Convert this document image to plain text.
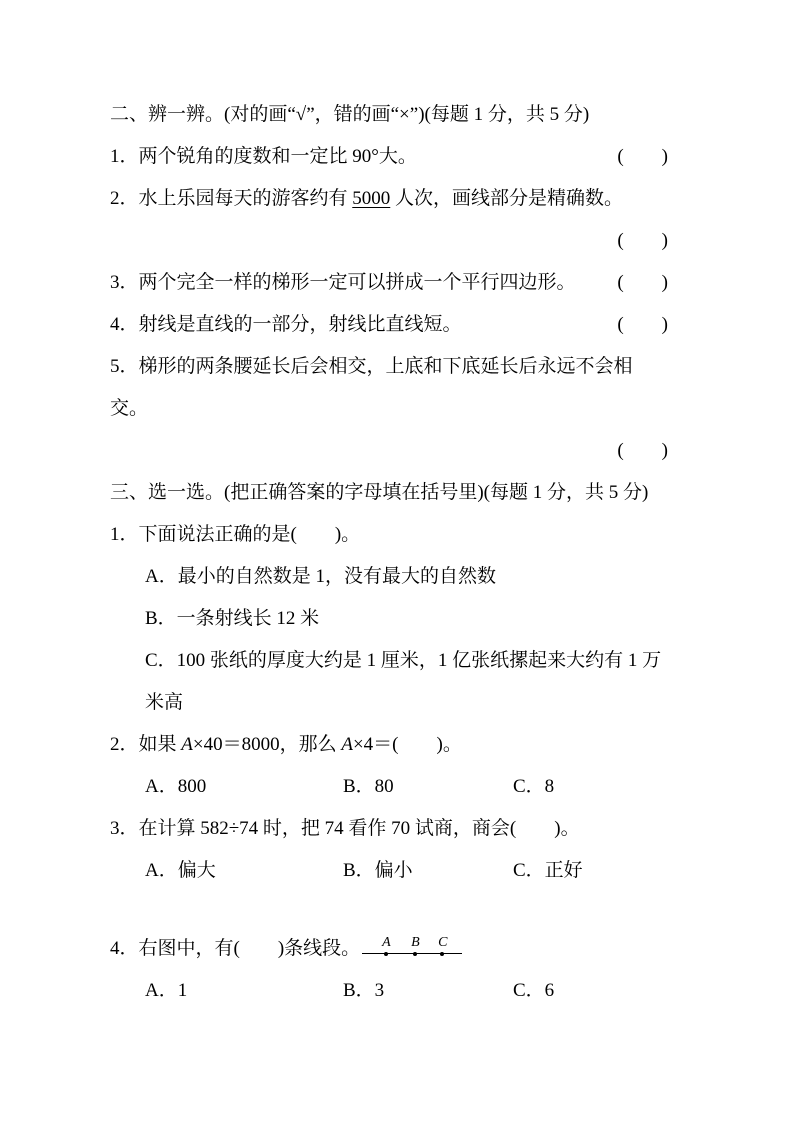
二、辨一辨。(对的画“√”，错的画“×”)(每题 1 分，共 5 分)
1．两个锐角的度数和一定比 90°大。	(　　)
2．水上乐园每天的游客约有 5000 人次，画线部分是精确数。
(　　)
3．两个完全一样的梯形一定可以拼成一个平行四边形。 (　　)
4．射线是直线的一部分，射线比直线短。	(　　)
5．梯形的两条腰延长后会相交，上底和下底延长后永远不会相交。
(　　)
三、选一选。(把正确答案的字母填在括号里)(每题 1 分，共 5 分)
1．下面说法正确的是(　　)。
A．最小的自然数是 1，没有最大的自然数
B．一条射线长 12 米
C．100 张纸的厚度大约是 1 厘米，1 亿张纸摞起来大约有 1 万米高
2．如果 A×40＝8000，那么 A×4＝(　　)。
A．800	B．80	C．8
3．在计算 582÷74 时，把 74 看作 70 试商，商会(　　)。
A．偏大	B．偏小	C．正好
4．右图中，有(　　)条线段。 A B C
A．1	B．3	C．6
